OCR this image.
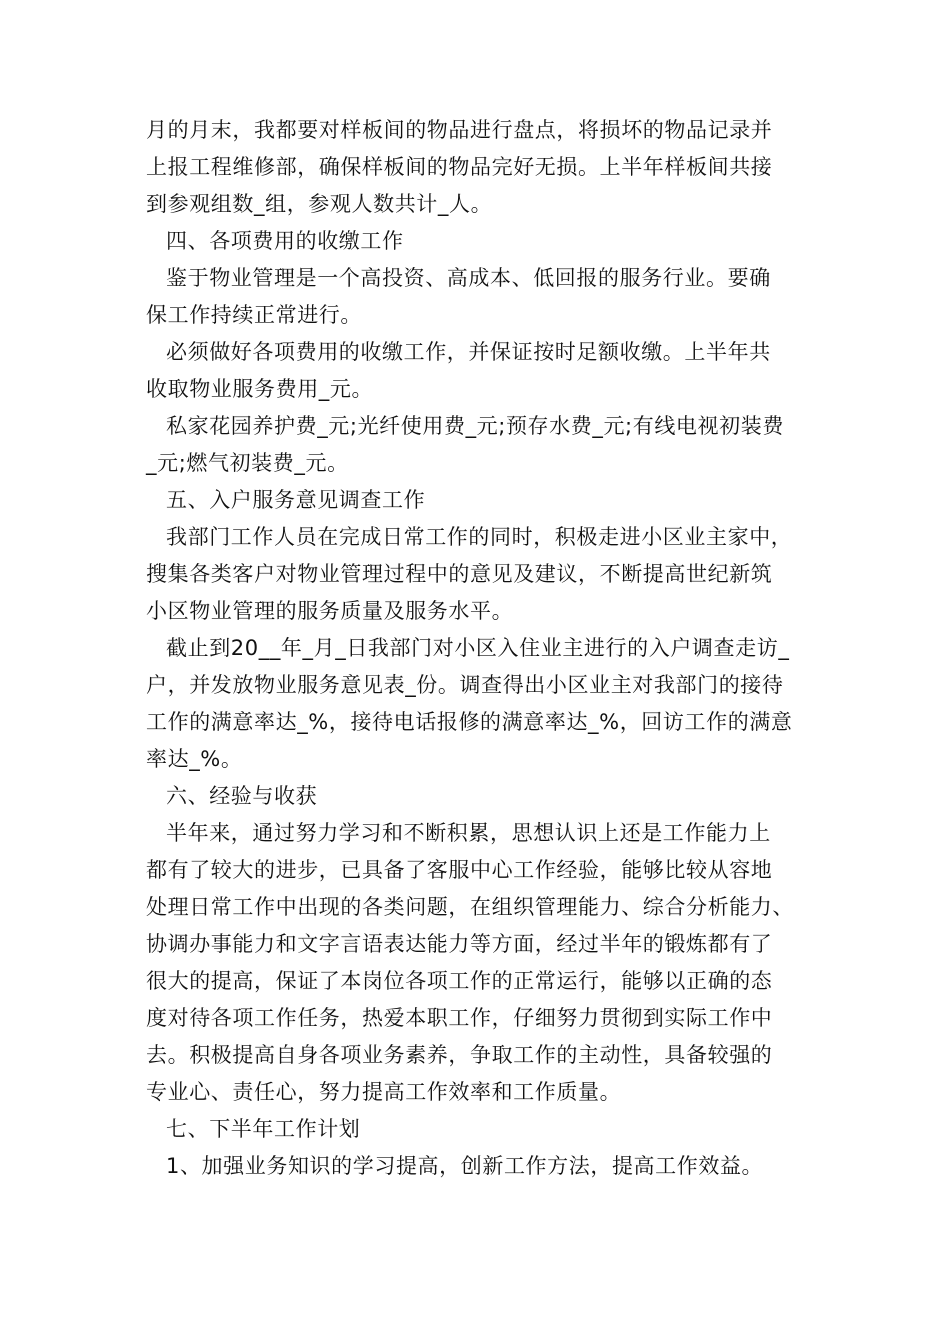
月的月末，我都要对样板间的物品进行盘点，将损坏的物品记录并
上报工程维修部，确保样板间的物品完好无损。上半年样板间共接
到参观组数_组，参观人数共计_人。
四、各项费用的收缴工作
鉴于物业管理是一个高投资、高成本、低回报的服务行业。要确
保工作持续正常进行。
必须做好各项费用的收缴工作，并保证按时足额收缴。上半年共
收取物业服务费用_元。
私家花园养护费_元;光纤使用费_元;预存水费_元;有线电视初装费
_元;燃气初装费_元。
五、入户服务意见调查工作
我部门工作人员在完成日常工作的同时，积极走进小区业主家中，
搜集各类客户对物业管理过程中的意见及建议，不断提高世纪新筑
小区物业管理的服务质量及服务水平。
截止到20__年_月_日我部门对小区入住业主进行的入户调查走访_
户，并发放物业服务意见表_份。调查得出小区业主对我部门的接待
工作的满意率达_%，接待电话报修的满意率达_%，回访工作的满意
率达_%。
六、经验与收获
半年来，通过努力学习和不断积累，思想认识上还是工作能力上
都有了较大的进步，已具备了客服中心工作经验，能够比较从容地
处理日常工作中出现的各类问题，在组织管理能力、综合分析能力、
协调办事能力和文字言语表达能力等方面，经过半年的锻炼都有了
很大的提高，保证了本岗位各项工作的正常运行，能够以正确的态
度对待各项工作任务，热爱本职工作，仔细努力贯彻到实际工作中
去。积极提高自身各项业务素养，争取工作的主动性，具备较强的
专业心、责任心，努力提高工作效率和工作质量。
七、下半年工作计划
1、加强业务知识的学习提高，创新工作方法，提高工作效益。
